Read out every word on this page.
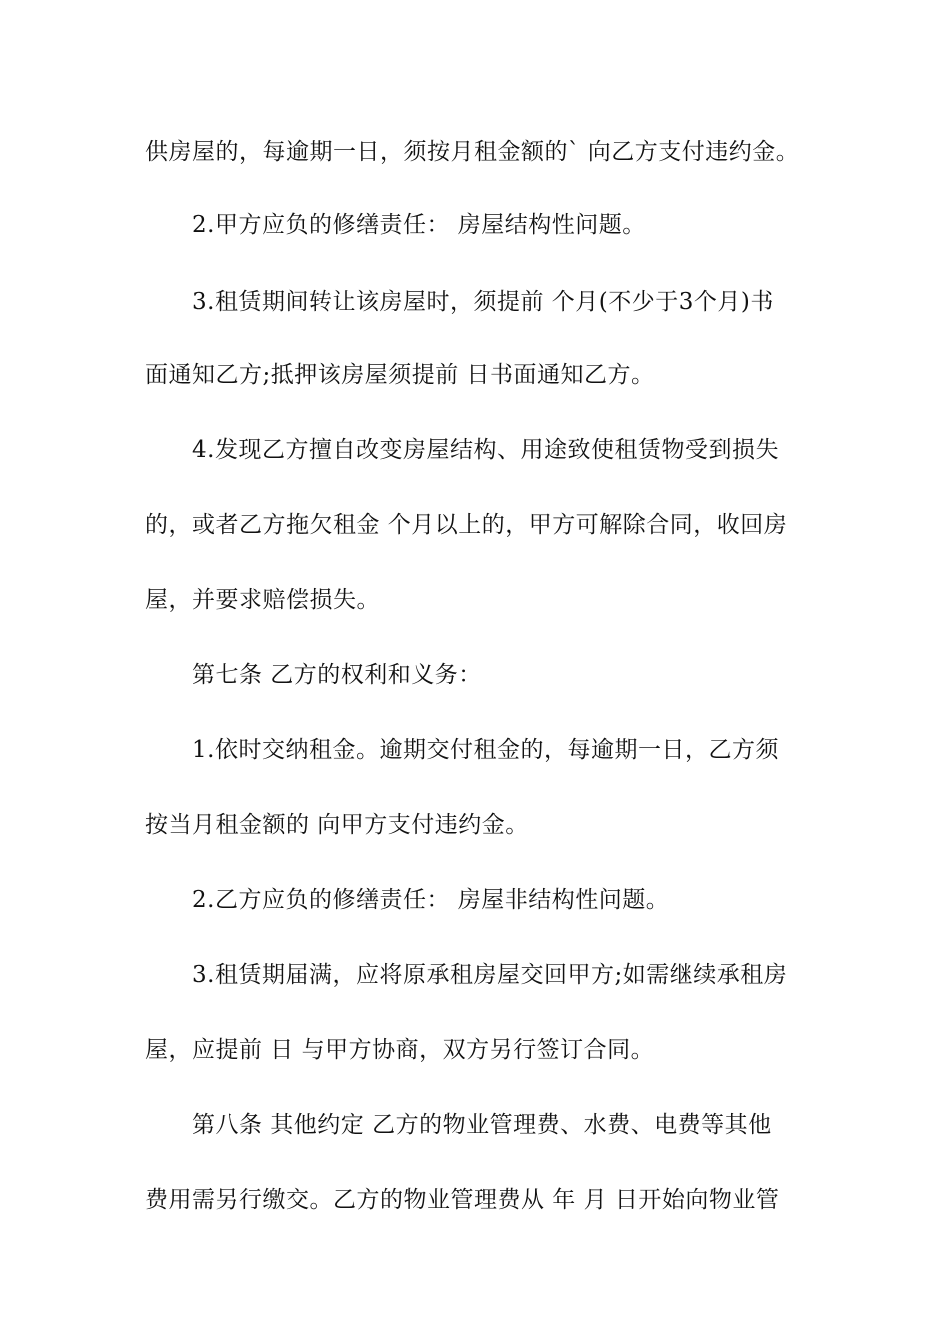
供房屋的，每逾期一日，须按月租金额的` 向乙方支付违约金。
2.甲方应负的修缮责任： 房屋结构性问题。
3.租赁期间转让该房屋时，须提前 个月(不少于3个月)书
面通知乙方;抵押该房屋须提前 日书面通知乙方。
4.发现乙方擅自改变房屋结构、用途致使租赁物受到损失
的，或者乙方拖欠租金 个月以上的，甲方可解除合同，收回房
屋，并要求赔偿损失。
第七条 乙方的权利和义务：
1.依时交纳租金。逾期交付租金的，每逾期一日，乙方须
按当月租金额的 向甲方支付违约金。
2.乙方应负的修缮责任： 房屋非结构性问题。
3.租赁期届满，应将原承租房屋交回甲方;如需继续承租房
屋，应提前 日 与甲方协商，双方另行签订合同。
第八条 其他约定 乙方的物业管理费、水费、电费等其他
费用需另行缴交。乙方的物业管理费从 年 月 日开始向物业管
